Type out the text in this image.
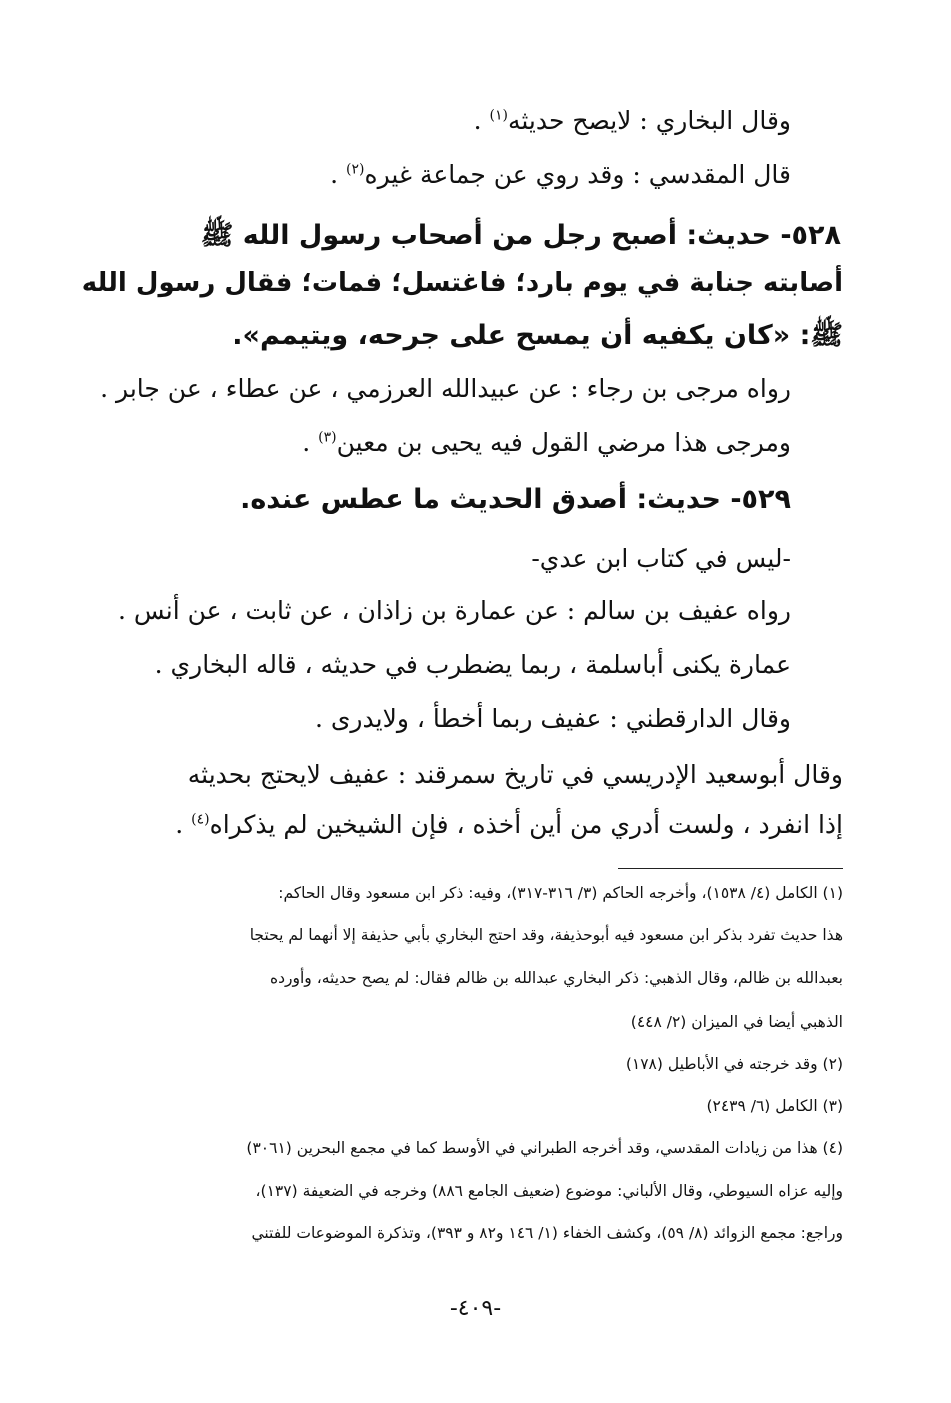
وقال البخاري : لايصح حديثه$^{(١)}$ .
قال المقدسي : وقد روي عن جماعة غيره$^{(٢)}$ .
٥٢٨- حديث: أصبح رجل من أصحاب رسول الله ﷺ
أصابته جنابة في يوم بارد؛ فاغتسل؛ فمات؛ فقال رسول الله
ﷺ: «كان يكفيه أن يمسح على جرحه، ويتيمم».
رواه مرجى بن رجاء : عن عبيدالله العرزمي ، عن عطاء ، عن جابر .
ومرجى هذا مرضي القول فيه يحيى بن معين$^{(٣)}$ .
٥٢٩- حديث: أصدق الحديث ما عطس عنده.
-ليس في كتاب ابن عدي-
رواه عفيف بن سالم : عن عمارة بن زاذان ، عن ثابت ، عن أنس .
عمارة يكنى أباسلمة ، ربما يضطرب في حديثه ، قاله البخاري .
وقال الدارقطني : عفيف ربما أخطأ ، ولايدرى .
وقال أبوسعيد الإدريسي في تاريخ سمرقند : عفيف لايحتج بحديثه
إذا انفرد ، ولست أدري من أين أخذه ، فإن الشيخين لم يذكراه$^{(٤)}$ .
(١) الكامل (٤/ ١٥٣٨)، وأخرجه الحاكم (٣/ ٣١٦-٣١٧)، وفيه: ذكر ابن مسعود وقال الحاكم:
هذا حديث تفرد بذكر ابن مسعود فيه أبوحذيفة، وقد احتج البخاري بأبي حذيفة إلا أنهما لم يحتجا
بعبدالله بن ظالم، وقال الذهبي: ذكر البخاري عبدالله بن ظالم فقال: لم يصح حديثه، وأورده
الذهبي أيضا في الميزان (٢/ ٤٤٨)
(٢) وقد خرجته في الأباطيل (١٧٨)
(٣) الكامل (٦/ ٢٤٣٩)
(٤) هذا من زيادات المقدسي، وقد أخرجه الطبراني في الأوسط كما في مجمع البحرين (٣٠٦١)
وإليه عزاه السيوطي، وقال الألباني: موضوع (ضعيف الجامع ٨٨٦) وخرجه في الضعيفة (١٣٧)،
وراجع: مجمع الزوائد (٨/ ٥٩)، وكشف الخفاء (١/ ١٤٦ و٨٢ و ٣٩٣)، وتذكرة الموضوعات للفتني
-٤٠٩-
